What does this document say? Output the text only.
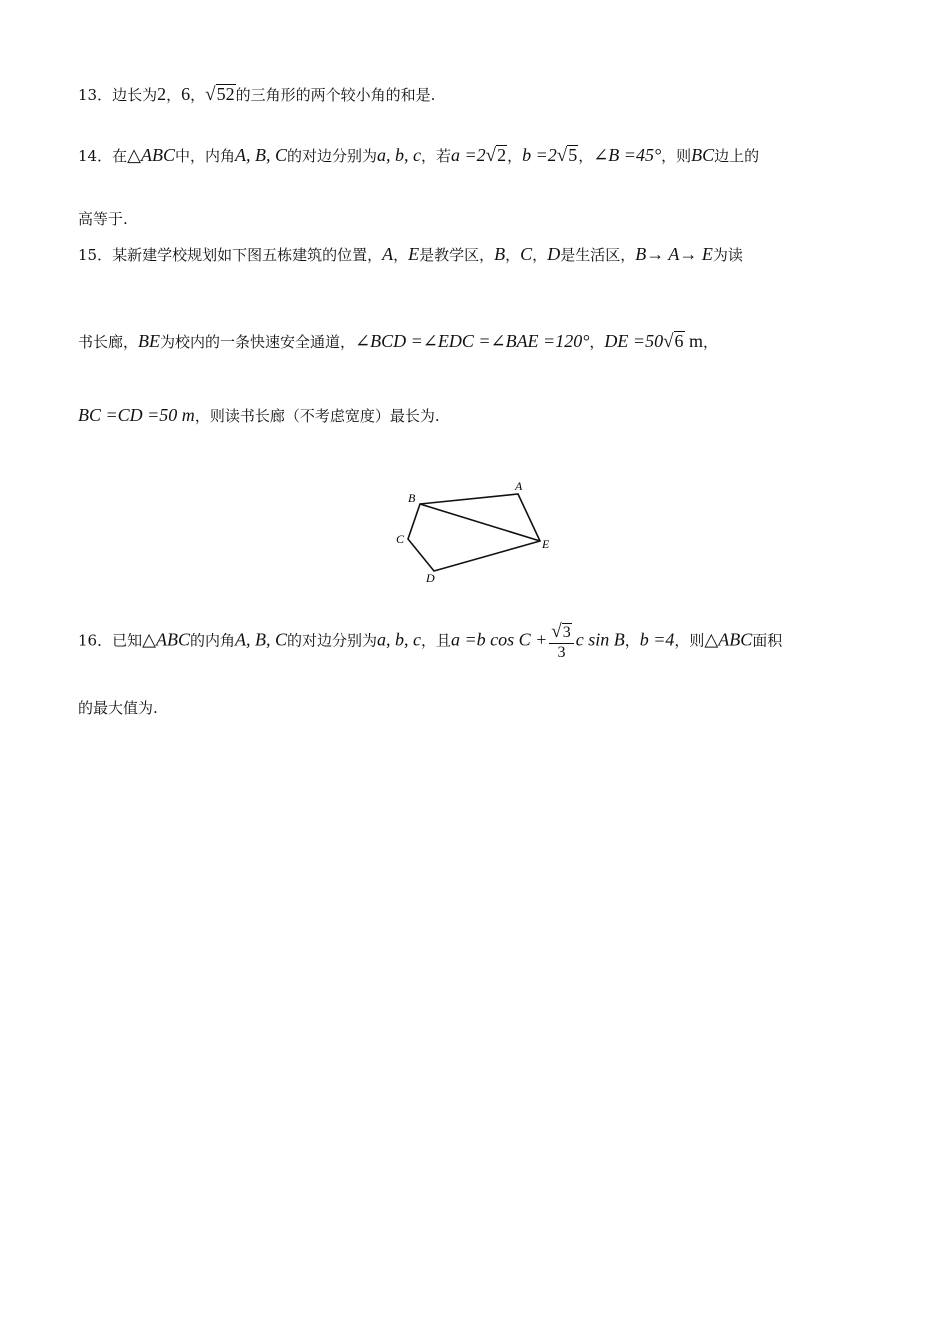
13．边长为2，6，√52的三角形的两个较小角的和是.
14．在△ABC中，内角A, B, C的对边分别为a, b, c，若a =2√2，b =2√5，∠B =45°，则BC边上的
高等于.
15．某新建学校规划如下图五栋建筑的位置，A，E是教学区，B，C，D是生活区，B→ A→ E为读
书长廊，BE为校内的一条快速安全通道，∠BCD =∠EDC =∠BAE =120°，DE =50√6 m，
BC =CD =50 m，则读书长廊（不考虑宽度）最长为.
B
A
C	E
D
16．已知△ABC的内角A, B, C的对边分别为a, b, c，且a =b $\cos C + \frac{√3}{3}$ c sin B，b =4，则△ABC面积
的最大值为.
